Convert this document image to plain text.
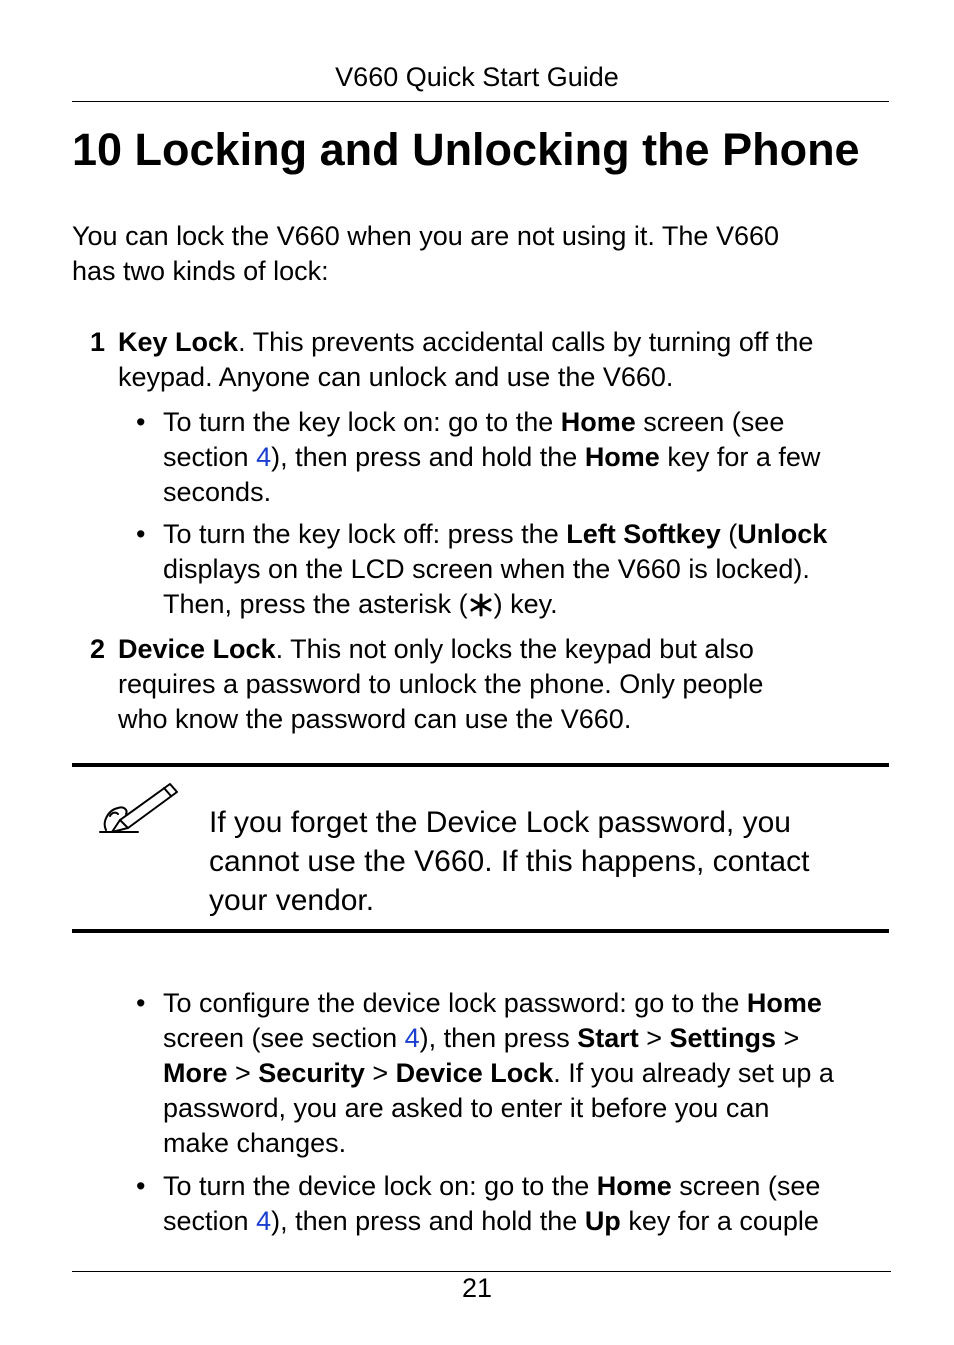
V660 Quick Start Guide
10 Locking and Unlocking the Phone
You can lock the V660 when you are not using it. The V660
has two kinds of lock:
1 Key Lock. This prevents accidental calls by turning off the
keypad. Anyone can unlock and use the V660.
• To turn the key lock on: go to the Home screen (see
section 4), then press and hold the Home key for a few
seconds.
• To turn the key lock off: press the Left Softkey (Unlock
displays on the LCD screen when the V660 is locked).
Then, press the asterisk ( ) key.
2 Device Lock. This not only locks the keypad but also
requires a password to unlock the phone. Only people
who know the password can use the V660.
If you forget the Device Lock password, you
cannot use the V660. If this happens, contact
your vendor.
• To configure the device lock password: go to the Home
screen (see section 4), then press Start > Settings >
More > Security > Device Lock. If you already set up a
password, you are asked to enter it before you can
make changes.
• To turn the device lock on: go to the Home screen (see
section 4), then press and hold the Up key for a couple
21
